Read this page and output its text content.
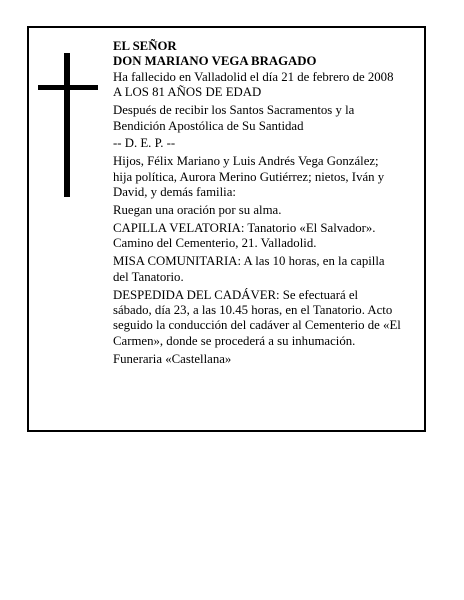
EL SEÑOR

DON MARIANO VEGA BRAGADO

Ha fallecido en Valladolid el día 21 de febrero de 2008

A LOS 81 AÑOS DE EDAD

Después de recibir los Santos Sacramentos y la

Bendición Apostólica de Su Santidad

-- D. E. P. --

Hijos, Félix Mariano y Luis Andrés Vega González;

hija política, Aurora Merino Gutiérrez; nietos, Iván y

David, y demás familia:

Ruegan una oración por su alma.

CAPILLA VELATORIA: Tanatorio «El Salvador».

Camino del Cementerio, 21. Valladolid.

MISA COMUNITARIA: A las 10 horas, en la capilla

del Tanatorio.

DESPEDIDA DEL CADÁVER: Se efectuará el

sábado, día 23, a las 10.45 horas, en el Tanatorio. Acto

seguido la conducción del cadáver al Cementerio de «El

Carmen», donde se procederá a su inhumación.

Funeraria «Castellana»
